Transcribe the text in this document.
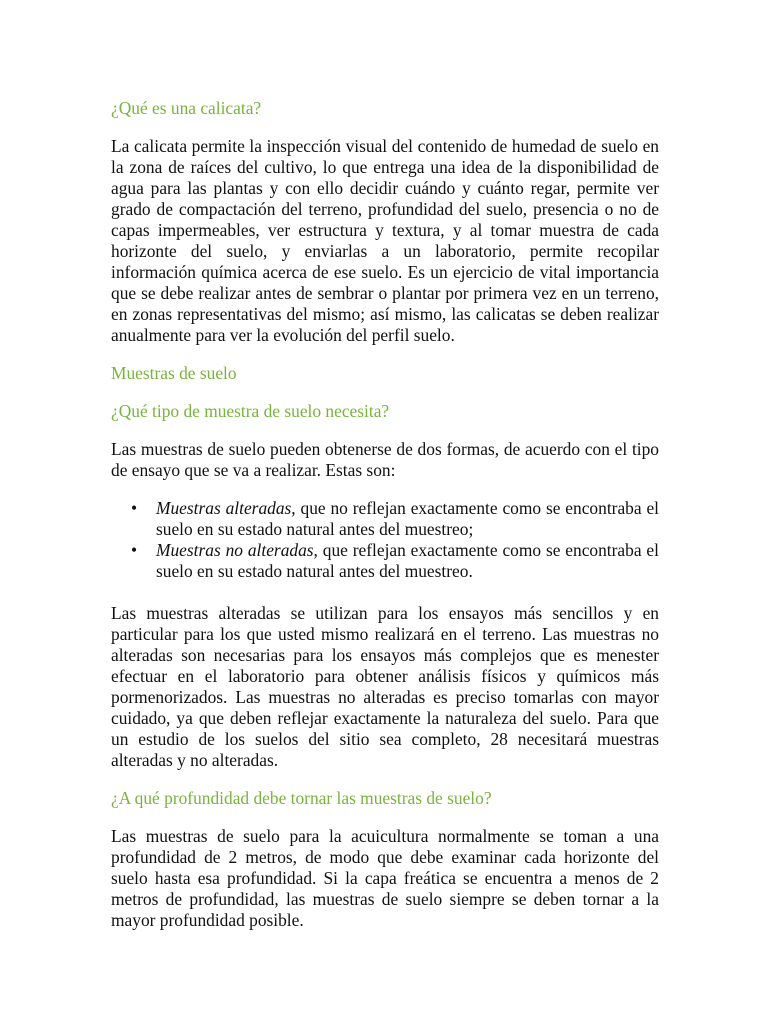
¿Qué es una calicata?

La calicata permite la inspección visual del contenido de humedad de suelo en la zona de raíces del cultivo, lo que entrega una idea de la disponibilidad de agua para las plantas y con ello decidir cuándo y cuánto regar, permite ver grado de compactación del terreno, profundidad del suelo, presencia o no de capas impermeables, ver estructura y textura, y al tomar muestra de cada horizonte del suelo, y enviarlas a un laboratorio, permite recopilar información química acerca de ese suelo. Es un ejercicio de vital importancia que se debe realizar antes de sembrar o plantar por primera vez en un terreno, en zonas representativas del mismo; así mismo, las calicatas se deben realizar anualmente para ver la evolución del perfil suelo.

Muestras de suelo
¿Qué tipo de muestra de suelo necesita?

Las muestras de suelo pueden obtenerse de dos formas, de acuerdo con el tipo de ensayo que se va a realizar. Estas son:

• Muestras alteradas, que no reflejan exactamente como se encontraba el suelo en su estado natural antes del muestreo;
• Muestras no alteradas, que reflejan exactamente como se encontraba el suelo en su estado natural antes del muestreo.

Las muestras alteradas se utilizan para los ensayos más sencillos y en particular para los que usted mismo realizará en el terreno. Las muestras no alteradas son necesarias para los ensayos más complejos que es menester efectuar en el laboratorio para obtener análisis físicos y químicos más pormenorizados. Las muestras no alteradas es preciso tomarlas con mayor cuidado, ya que deben reflejar exactamente la naturaleza del suelo. Para que un estudio de los suelos del sitio sea completo, 28 necesitará muestras alteradas y no alteradas.

¿A qué profundidad debe tornar las muestras de suelo?

Las muestras de suelo para la acuicultura normalmente se toman a una profundidad de 2 metros, de modo que debe examinar cada horizonte del suelo hasta esa profundidad. Si la capa freática se encuentra a menos de 2 metros de profundidad, las muestras de suelo siempre se deben tornar a la mayor profundidad posible.
